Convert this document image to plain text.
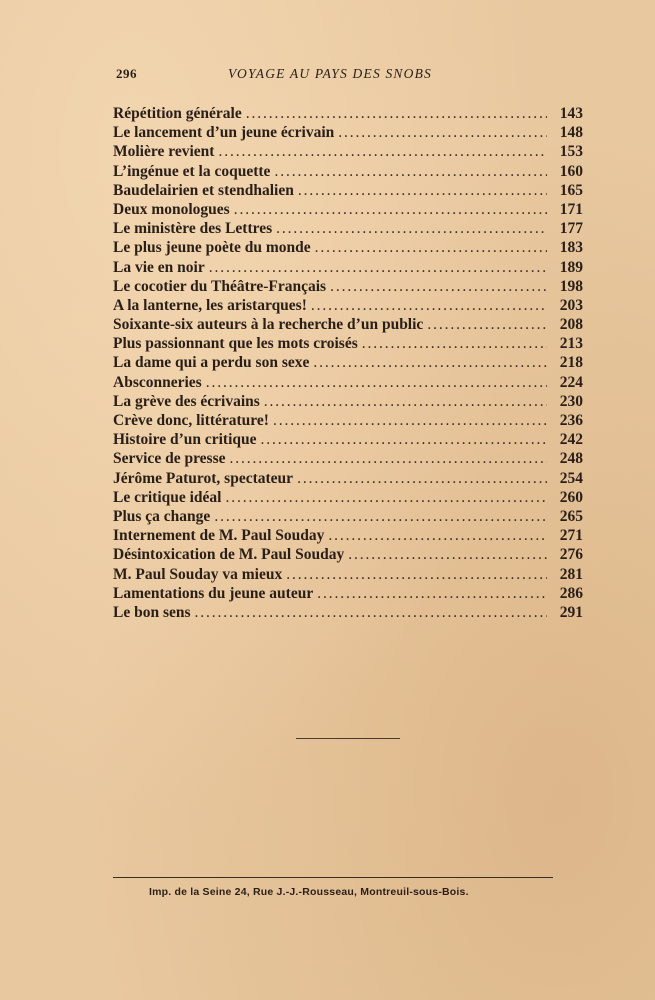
296	VOYAGE AU PAYS DES SNOBS
Répétition générale . . .	143
Le lancement d’un jeune écrivain . . .	148
Molière revient . . .	153
L’ingénue et la coquette . . .	160
Baudelairien et stendhalien . . .	165
Deux monologues . . .	171
Le ministère des Lettres . . .	177
Le plus jeune poète du monde . . .	183
La vie en noir . . .	189
Le cocotier du Théâtre-Français . . .	198
A la lanterne, les aristarques! . . .	203
Soixante-six auteurs à la recherche d’un public . . .	208
Plus passionnant que les mots croisés . . .	213
La dame qui a perdu son sexe . . .	218
Absconneries . . .	224
La grève des écrivains . . .	230
Crève donc, littérature! . . .	236
Histoire d’un critique . . .	242
Service de presse . . .	248
Jérôme Paturot, spectateur . . .	254
Le critique idéal . . .	260
Plus ça change . . .	265
Internement de M. Paul Souday . . .	271
Désintoxication de M. Paul Souday . . .	276
M. Paul Souday va mieux . . .	281
Lamentations du jeune auteur . . .	286
Le bon sens . . .	291
Imp. de la Seine 24, Rue J.-J.-Rousseau, Montreuil-sous-Bois.
